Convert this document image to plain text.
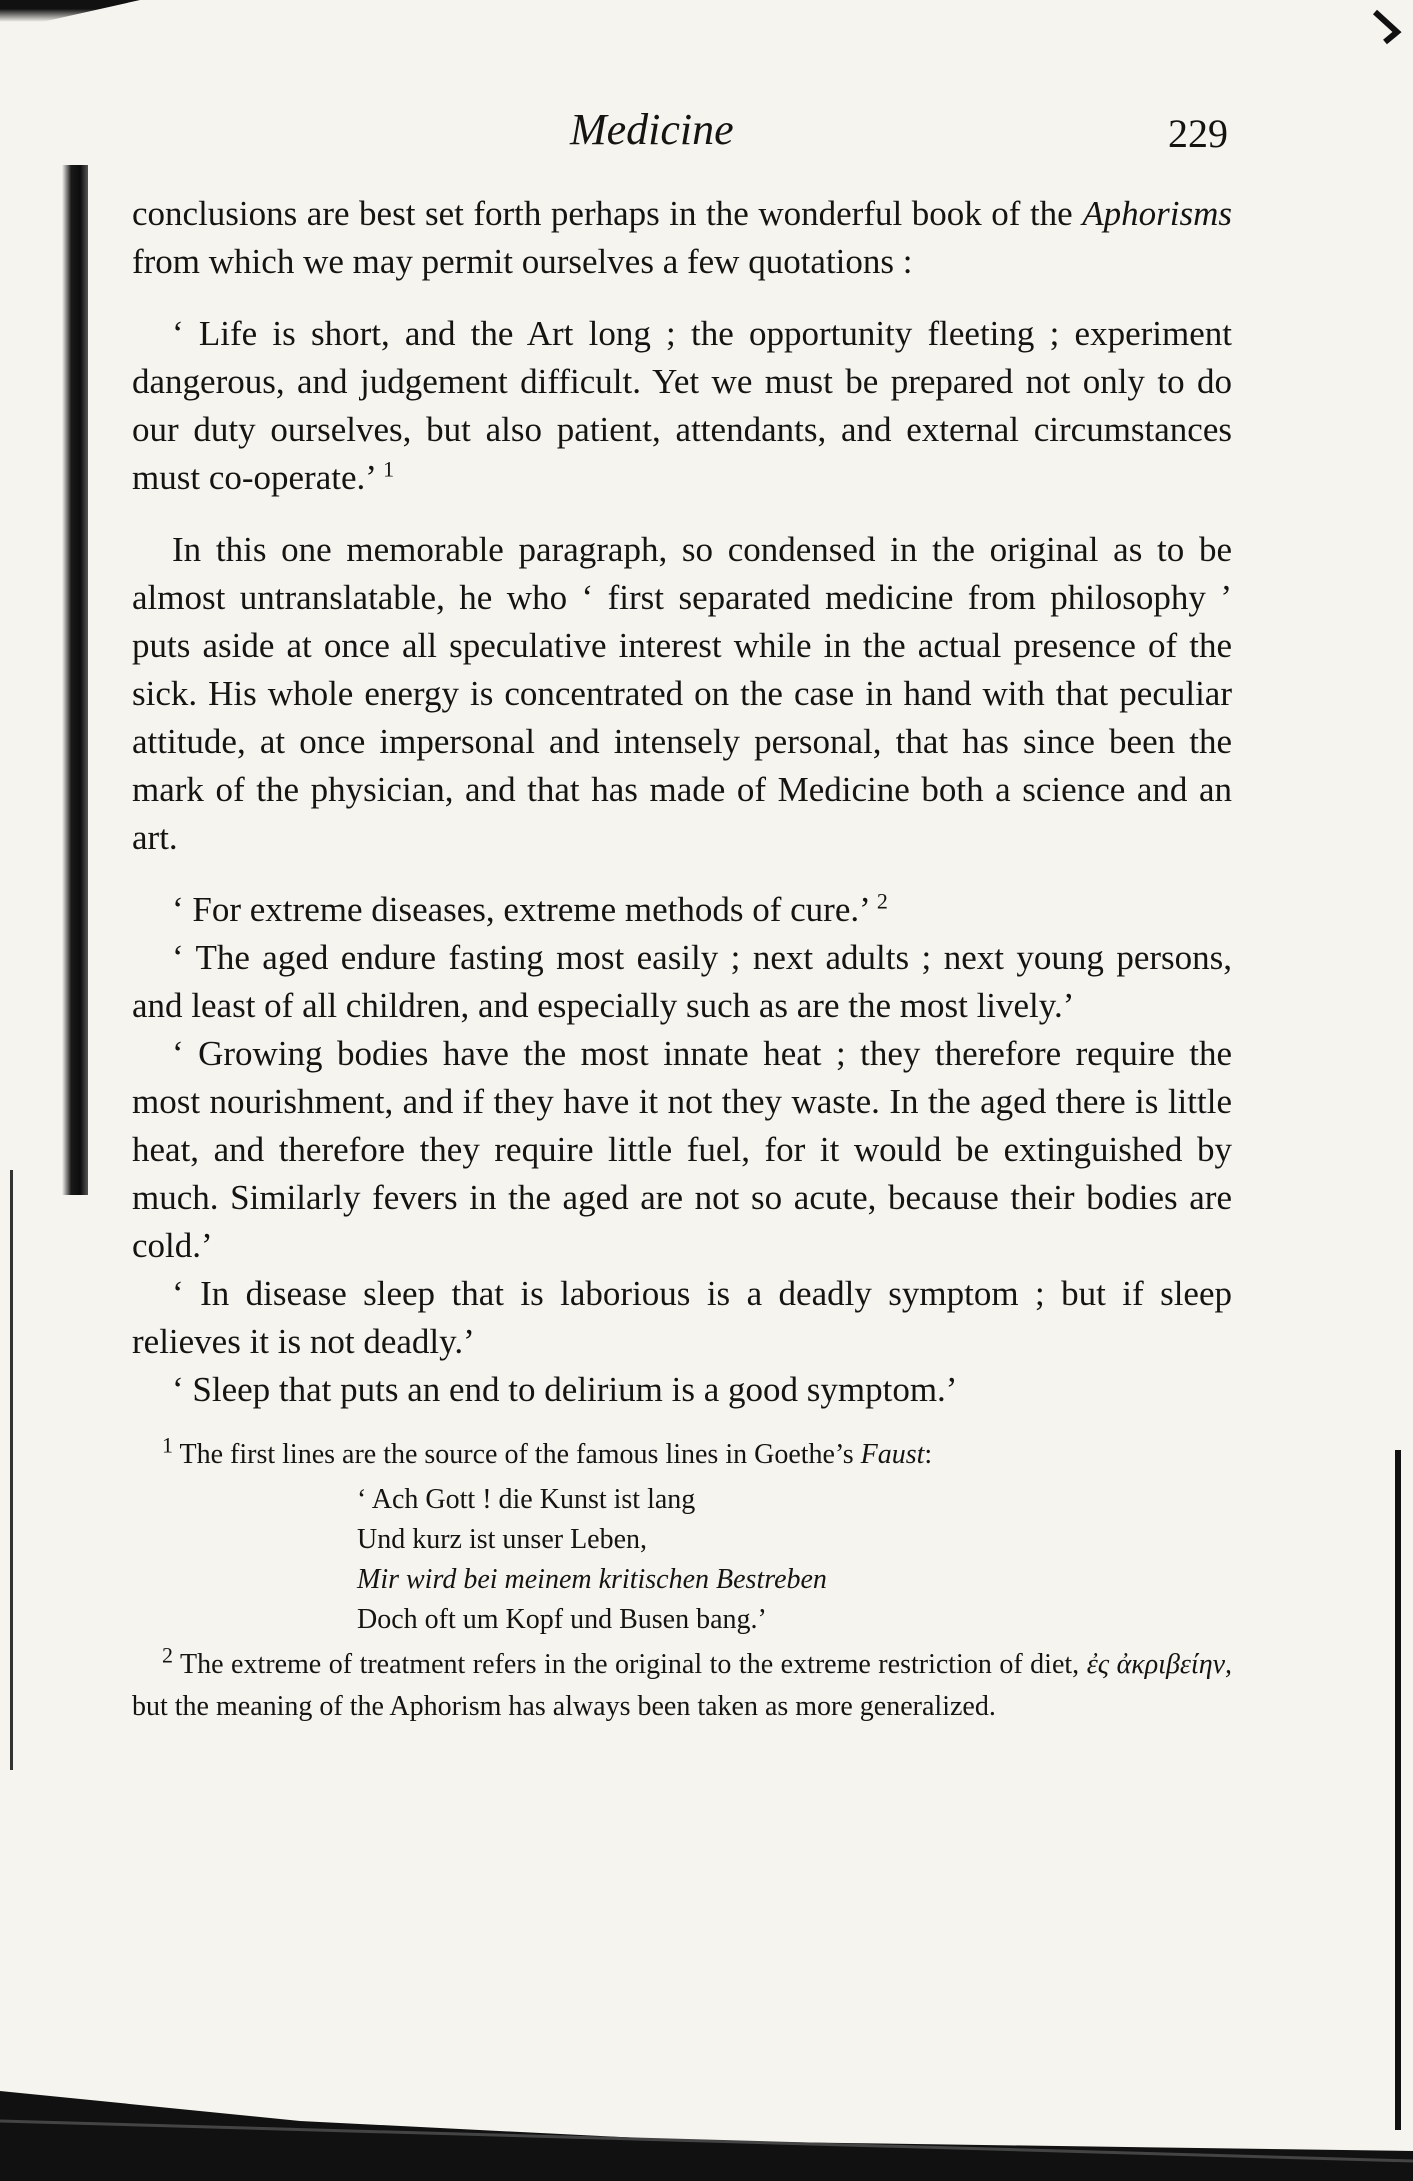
Medicine	229

conclusions are best set forth perhaps in the wonderful book of the Aphorisms from which we may permit ourselves a few quotations :

‘ Life is short, and the Art long ; the opportunity fleeting ; experiment dangerous, and judgement difficult. Yet we must be prepared not only to do our duty ourselves, but also patient, attendants, and external circumstances must co-operate.’ $^1$

In this one memorable paragraph, so condensed in the original as to be almost untranslatable, he who ‘ first separated medicine from philosophy ’ puts aside at once all speculative interest while in the actual presence of the sick. His whole energy is concentrated on the case in hand with that peculiar attitude, at once impersonal and intensely personal, that has since been the mark of the physician, and that has made of Medicine both a science and an art.

‘ For extreme diseases, extreme methods of cure.’ $^2$

‘ The aged endure fasting most easily ; next adults ; next young persons, and least of all children, and especially such as are the most lively.’

‘ Growing bodies have the most innate heat ; they therefore require the most nourishment, and if they have it not they waste. In the aged there is little heat, and therefore they require little fuel, for it would be extinguished by much. Similarly fevers in the aged are not so acute, because their bodies are cold.’

‘ In disease sleep that is laborious is a deadly symptom ; but if sleep relieves it is not deadly.’

‘ Sleep that puts an end to delirium is a good symptom.’

$^1$ The first lines are the source of the famous lines in Goethe’s Faust:

‘ Ach Gott ! die Kunst ist lang
Und kurz ist unser Leben,
Mir wird bei meinem kritischen Bestreben
Doch oft um Kopf und Busen bang.’

$^2$ The extreme of treatment refers in the original to the extreme restriction of diet, ἐς ἀκριβείην, but the meaning of the Aphorism has always been taken as more generalized.
